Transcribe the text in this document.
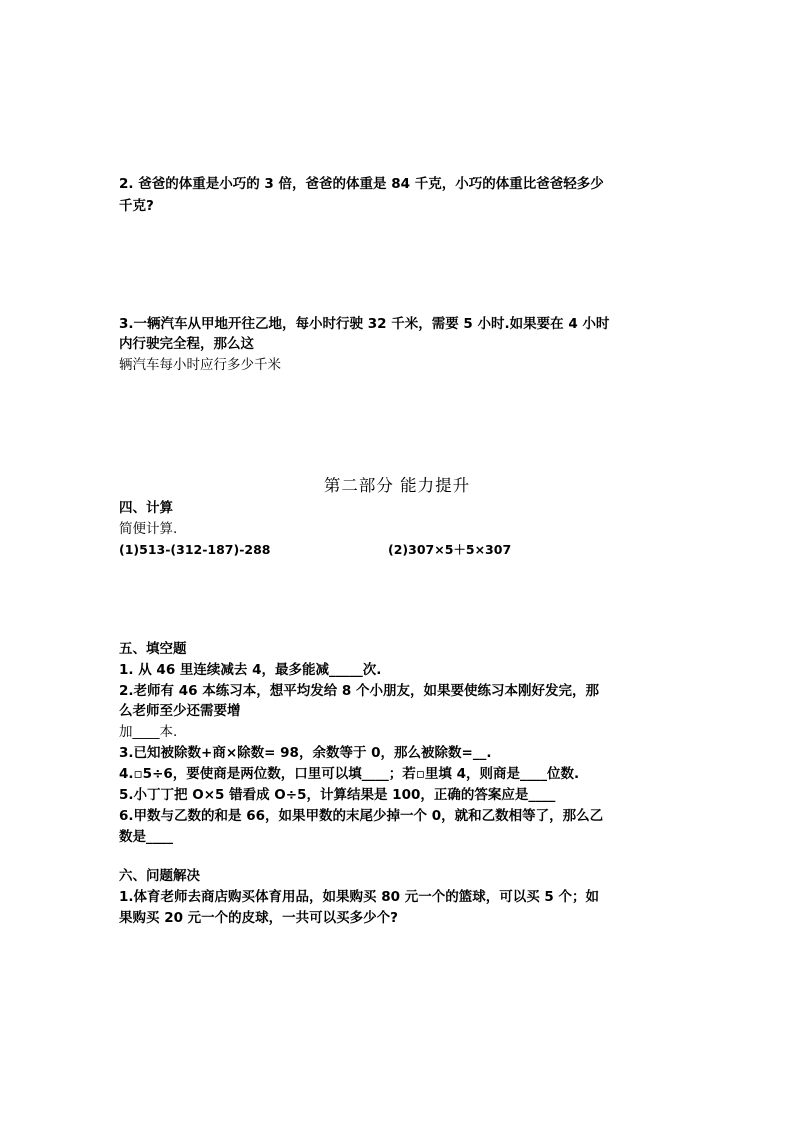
2. 爸爸的体重是小巧的 3 倍，爸爸的体重是 84 千克，小巧的体重比爸爸轻多少
千克?
3.一辆汽车从甲地开往乙地，每小时行驶 32 千米，需要 5 小时.如果要在 4 小时
内行驶完全程，那么这
辆汽车每小时应行多少千米
第二部分 能力提升
四、计算
简便计算.
(1)513-(312-187)-288	(2)307×5＋5×307
五、填空题
1. 从 46 里连续减去 4，最多能减_____次.
2.老师有 46 本练习本，想平均发给 8 个小朋友，如果要使练习本刚好发完，那
么老师至少还需要增
加____本.
3.已知被除数+商×除数= 98，余数等于 0，那么被除数=__.
4.▫5÷6，要使商是两位数，口里可以填____；若▫里填 4，则商是____位数.
5.小丁丁把 O×5 错看成 O÷5，计算结果是 100，正确的答案应是____
6.甲数与乙数的和是 66，如果甲数的末尾少掉一个 0，就和乙数相等了，那么乙
数是____
六、问题解决
1.体育老师去商店购买体育用品，如果购买 80 元一个的篮球，可以买 5 个；如
果购买 20 元一个的皮球，一共可以买多少个?
